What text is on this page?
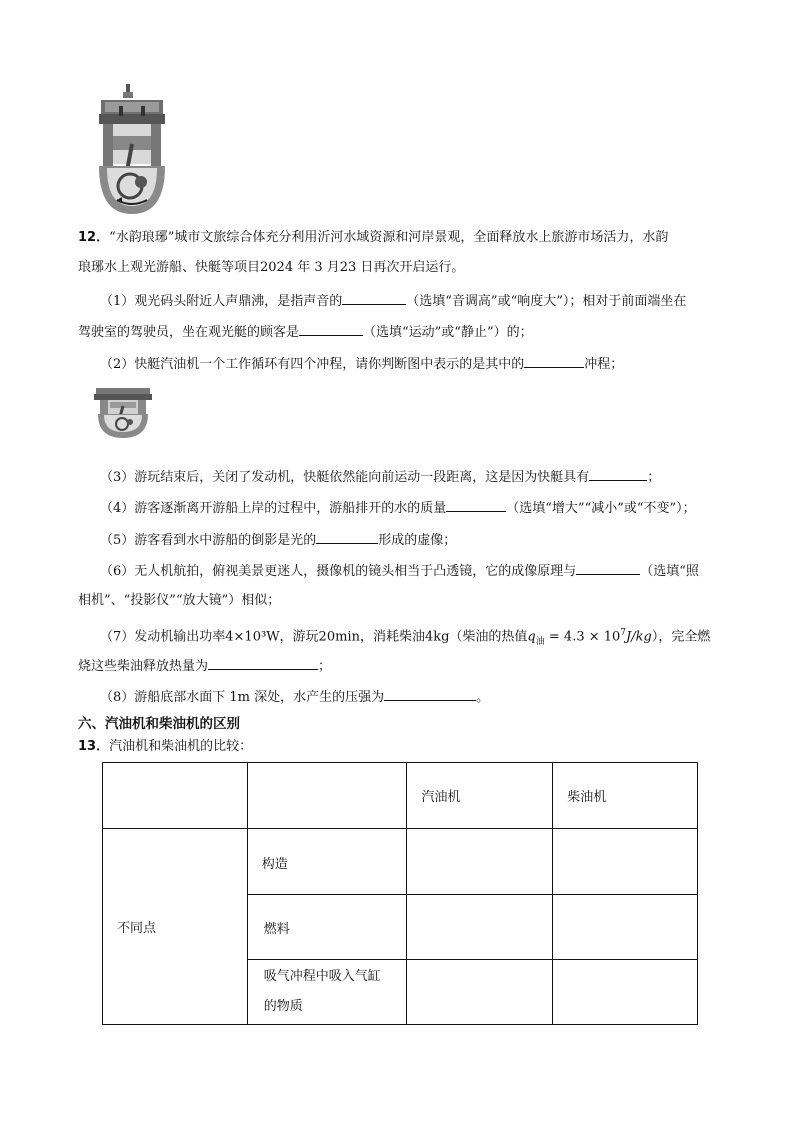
12．“水韵琅琊”城市文旅综合体充分利用沂河水域资源和河岸景观，全面释放水上旅游市场活力，水韵
琅琊水上观光游船、快艇等项目2024 年 3 月23 日再次开启运行。
（1）观光码头附近人声鼎沸，是指声音的	（选填“音调高”或“响度大”）；相对于前面端坐在
驾驶室的驾驶员，坐在观光艇的顾客是	（选填“运动”或“静止”）的；
（2）快艇汽油机一个工作循环有四个冲程，请你判断图中表示的是其中的	冲程；
（3）游玩结束后，关闭了发动机，快艇依然能向前运动一段距离，这是因为快艇具有	；
（4）游客逐渐离开游船上岸的过程中，游船排开的水的质量	（选填“增大”“减小”或“不变”）；
（5）游客看到水中游船的倒影是光的	形成的虚像；
（6）无人机航拍，俯视美景更迷人，摄像机的镜头相当于凸透镜，它的成像原理与	（选填“照
相机”、“投影仪”“放大镜”）相似；
（7）发动机输出功率4×10³W，游玩20min，消耗柴油4kg（柴油的热值$q_油 = 4.3 \times 10^7J/kg$），完全燃
烧这些柴油释放热量为	；
（8）游船底部水面下 1m 深处，水产生的压强为	。
六、汽油机和柴油机的区别
13．汽油机和柴油机的比较：
		汽油机	柴油机
不同点	构造		
	燃料		
	吸气冲程中吸入气缸
的物质		
